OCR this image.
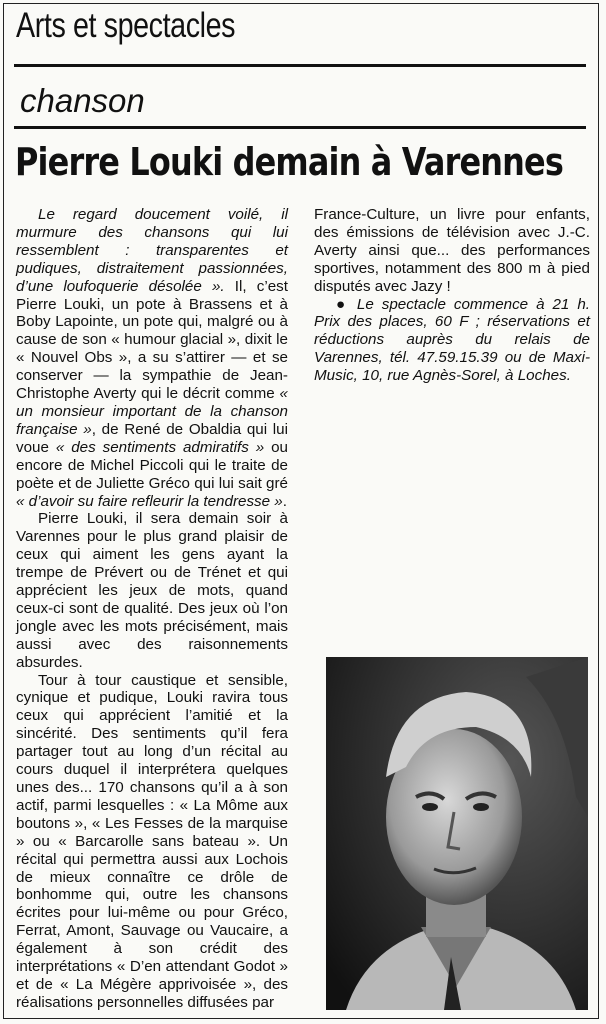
Arts et spectacles
chanson
Pierre Louki demain à Varennes

Le regard doucement voilé, il murmure des chansons qui lui ressemblent : transparentes et pudiques, distraitement passionnées, d’une loufoquerie désolée ». Il, c’est Pierre Louki, un pote à Brassens et à Boby Lapointe, un pote qui, malgré ou à cause de son « humour glacial », dixit le « Nouvel Obs », a su s’attirer — et se conserver — la sympathie de Jean-Christophe Averty qui le décrit comme « un monsieur important de la chanson française », de René de Obaldia qui lui voue « des sentiments admiratifs » ou encore de Michel Piccoli qui le traite de poète et de Juliette Gréco qui lui sait gré « d’avoir su faire refleurir la tendresse ».

Pierre Louki, il sera demain soir à Varennes pour le plus grand plaisir de ceux qui aiment les gens ayant la trempe de Prévert ou de Trénet et qui apprécient les jeux de mots, quand ceux-ci sont de qualité. Des jeux où l’on jongle avec les mots précisément, mais aussi avec des raisonnements absurdes.

Tour à tour caustique et sensible, cynique et pudique, Louki ravira tous ceux qui apprécient l’amitié et la sincérité. Des sentiments qu’il fera partager tout au long d’un récital au cours duquel il interprétera quelques unes des... 170 chansons qu’il a à son actif, parmi lesquelles : « La Môme aux boutons », « Les Fesses de la marquise » ou « Barcarolle sans bateau ». Un récital qui permettra aussi aux Lochois de mieux connaître ce drôle de bonhomme qui, outre les chansons écrites pour lui-même ou pour Gréco, Ferrat, Amont, Sauvage ou Vaucaire, a également à son crédit des interprétations « D’en attendant Godot » et de « La Mégère apprivoisée », des réalisations personnelles diffusées par

France-Culture, un livre pour enfants, des émissions de télévision avec J.-C. Averty ainsi que... des performances sportives, notamment des 800 m à pied disputés avec Jazy !

● Le spectacle commence à 21 h. Prix des places, 60 F ; réservations et réductions auprès du relais de Varennes, tél. 47.59.15.39 ou de Maxi-Music, 10, rue Agnès-Sorel, à Loches.
